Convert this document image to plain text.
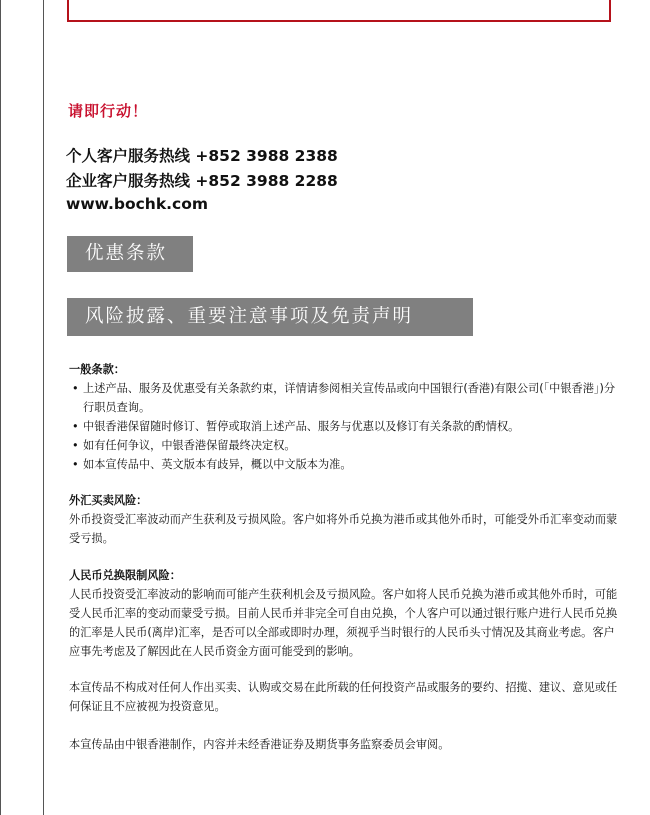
请即行动！
个人客户服务热线 +852 3988 2388
企业客户服务热线 +852 3988 2288
www.bochk.com
优惠条款
风险披露、重要注意事项及免责声明

一般条款：

• 上述产品、服务及优惠受有关条款约束，详情请参阅相关宣传品或向中国银行(香港)有限公司(「中银香港」)分行职员查询。
• 中银香港保留随时修订、暂停或取消上述产品、服务与优惠以及修订有关条款的酌情权。
• 如有任何争议，中银香港保留最终决定权。
• 如本宣传品中、英文版本有歧异，概以中文版本为准。

外汇买卖风险：

外币投资受汇率波动而产生获利及亏损风险。客户如将外币兑换为港币或其他外币时，可能受外币汇率变动而蒙受亏损。

人民币兑换限制风险：

人民币投资受汇率波动的影响而可能产生获利机会及亏损风险。客户如将人民币兑换为港币或其他外币时，可能受人民币汇率的变动而蒙受亏损。目前人民币并非完全可自由兑换，个人客户可以通过银行账户进行人民币兑换的汇率是人民币(离岸)汇率，是否可以全部或即时办理，须视乎当时银行的人民币头寸情况及其商业考虑。客户应事先考虑及了解因此在人民币资金方面可能受到的影响。

本宣传品不构成对任何人作出买卖、认购或交易在此所载的任何投资产品或服务的要约、招揽、建议、意见或任何保证且不应被视为投资意见。

本宣传品由中银香港制作，内容并未经香港证券及期货事务监察委员会审阅。
